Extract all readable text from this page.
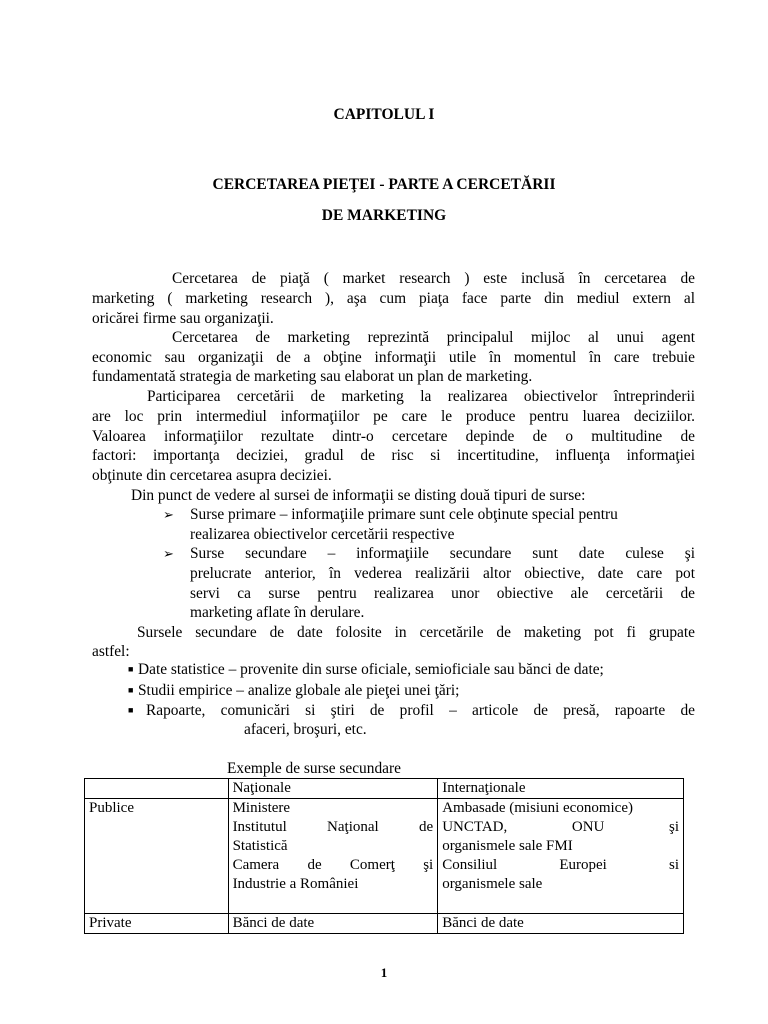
CAPITOLUL I
CERCETAREA PIEŢEI - PARTE A CERCETĂRII
DE MARKETING
Cercetarea de piaţă ( market research ) este inclusă în cercetarea de
marketing ( marketing research ), aşa cum piaţa face parte din mediul extern al
oricărei firme sau organizaţii.
Cercetarea de marketing reprezintă principalul mijloc al unui agent
economic sau organizaţii de a obţine informaţii utile în momentul în care trebuie
fundamentată strategia de marketing sau elaborat un plan de marketing.
Participarea cercetării de marketing la realizarea obiectivelor întreprinderii
are loc prin intermediul informaţiilor pe care le produce pentru luarea deciziilor.
Valoarea informaţiilor rezultate dintr-o cercetare depinde de o multitudine de
factori: importanţa deciziei, gradul de risc si incertitudine, influenţa informaţiei
obţinute din cercetarea asupra deciziei.
Din punct de vedere al sursei de informaţii se disting două tipuri de surse:
➢ Surse primare – informaţiile primare sunt cele obţinute special pentru
realizarea obiectivelor cercetării respective
➢ Surse secundare – informaţiile secundare sunt date culese şi
prelucrate anterior, în vederea realizării altor obiective, date care pot
servi ca surse pentru realizarea unor obiective ale cercetării de
marketing aflate în derulare.
Sursele secundare de date folosite in cercetările de maketing pot fi grupate
astfel:
■ Date statistice – provenite din surse oficiale, semioficiale sau bănci de date;
■ Studii empirice – analize globale ale pieţei unei ţări;
■ Rapoarte, comunicări si ştiri de profil – articole de presă, rapoarte de
afaceri, broşuri, etc.
Exemple de surse secundare
	Naţionale	Internaţionale
Publice	Ministere
Institutul Naţional de
Statistică
Camera de Comerţ şi
Industrie a României	Ambasade (misiuni economice)
UNCTAD, ONU şi
organismele sale FMI
Consiliul Europei si
organismele sale

Private	Bănci de date	Bănci de date
1
